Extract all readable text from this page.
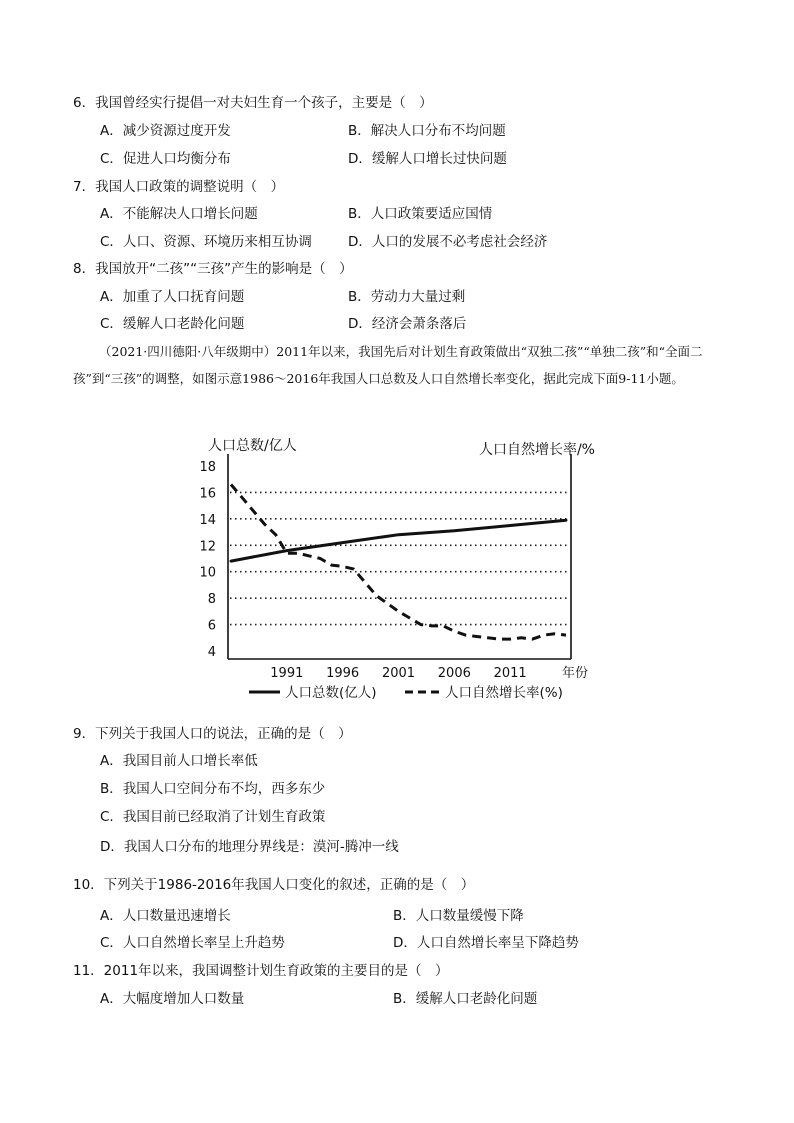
6．我国曾经实行提倡一对夫妇生育一个孩子，主要是（　）
A．减少资源过度开发	B．解决人口分布不均问题
C．促进人口均衡分布	D．缓解人口增长过快问题
7．我国人口政策的调整说明（　）
A．不能解决人口增长问题	B．人口政策要适应国情
C．人口、资源、环境历来相互协调	D．人口的发展不必考虑社会经济
8．我国放开“二孩”“三孩”产生的影响是（　）
A．加重了人口抚育问题	B．劳动力大量过剩
C．缓解人口老龄化问题	D．经济会萧条落后
（2021·四川德阳·八年级期中）2011年以来，我国先后对计划生育政策做出“双独二孩”“单独二孩”和“全面二孩”到“三孩”的调整，如图示意1986～2016年我国人口总数及人口自然增长率变化，据此完成下面9-11小题。
4
6
8
10
12
14
16
18
1991 1996 2001 2006 2011
人口总数/亿人	人口自然增长率/%
年份
人口总数(亿人)	人口自然增长率(%)
9．下列关于我国人口的说法，正确的是（　）
A．我国目前人口增长率低
B．我国人口空间分布不均，西多东少
C．我国目前已经取消了计划生育政策
D．我国人口分布的地理分界线是：漠河-腾冲一线
10．下列关于1986-2016年我国人口变化的叙述，正确的是（　）
A．人口数量迅速增长	B．人口数量缓慢下降
C．人口自然增长率呈上升趋势	D．人口自然增长率呈下降趋势
11．2011年以来，我国调整计划生育政策的主要目的是（　）
A．大幅度增加人口数量	B．缓解人口老龄化问题
